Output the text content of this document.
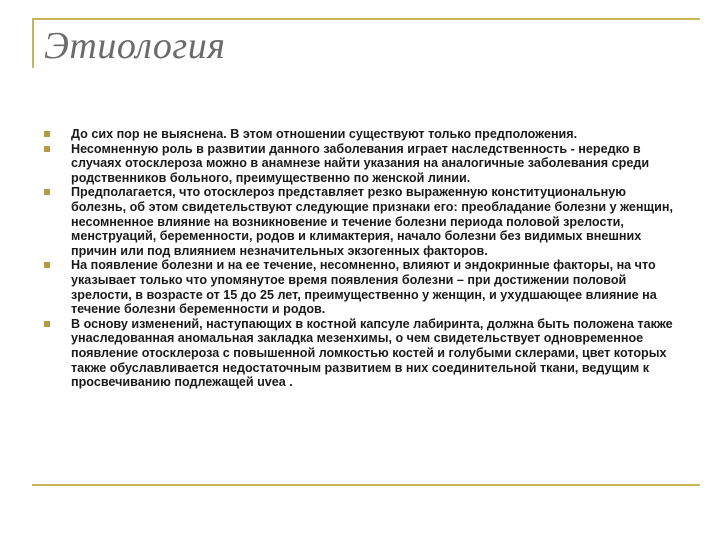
Этиология
До сих пор не выяснена. В этом отношении существуют только предположения.
Несомненную роль в развитии данного заболевания играет наследственность - нередко в случаях отосклероза можно в анамнезе найти указания на аналогичные заболевания среди родственников больного, преимущественно по женской линии.
Предполагается, что отосклероз представляет резко выраженную конституциональную болезнь, об этом свидетельствуют следующие признаки его: преобладание болезни у женщин, несомненное влияние на возникновение и течение болезни периода половой зрелости, менструаций, беременности, родов и климактерия, начало болезни без видимых внешних причин или под влиянием незначительных экзогенных факторов.
На появление болезни и на ее течение, несомненно, влияют и эндокринные факторы, на что указывает только что упомянутое время появления болезни – при достижении половой зрелости, в возрасте от 15 до 25 лет, преимущественно у женщин, и ухудшающее влияние на течение болезни беременности и родов.
В основу изменений, наступающих в костной капсуле лабиринта, должна быть положена также унаследованная аномальная закладка мезенхимы, о чем свидетельствует одновременное появление отосклероза с повышенной ломкостью костей и голубыми склерами, цвет которых также обуславливается недостаточным развитием в них соединительной ткани, ведущим к просвечиванию подлежащей uvea .
